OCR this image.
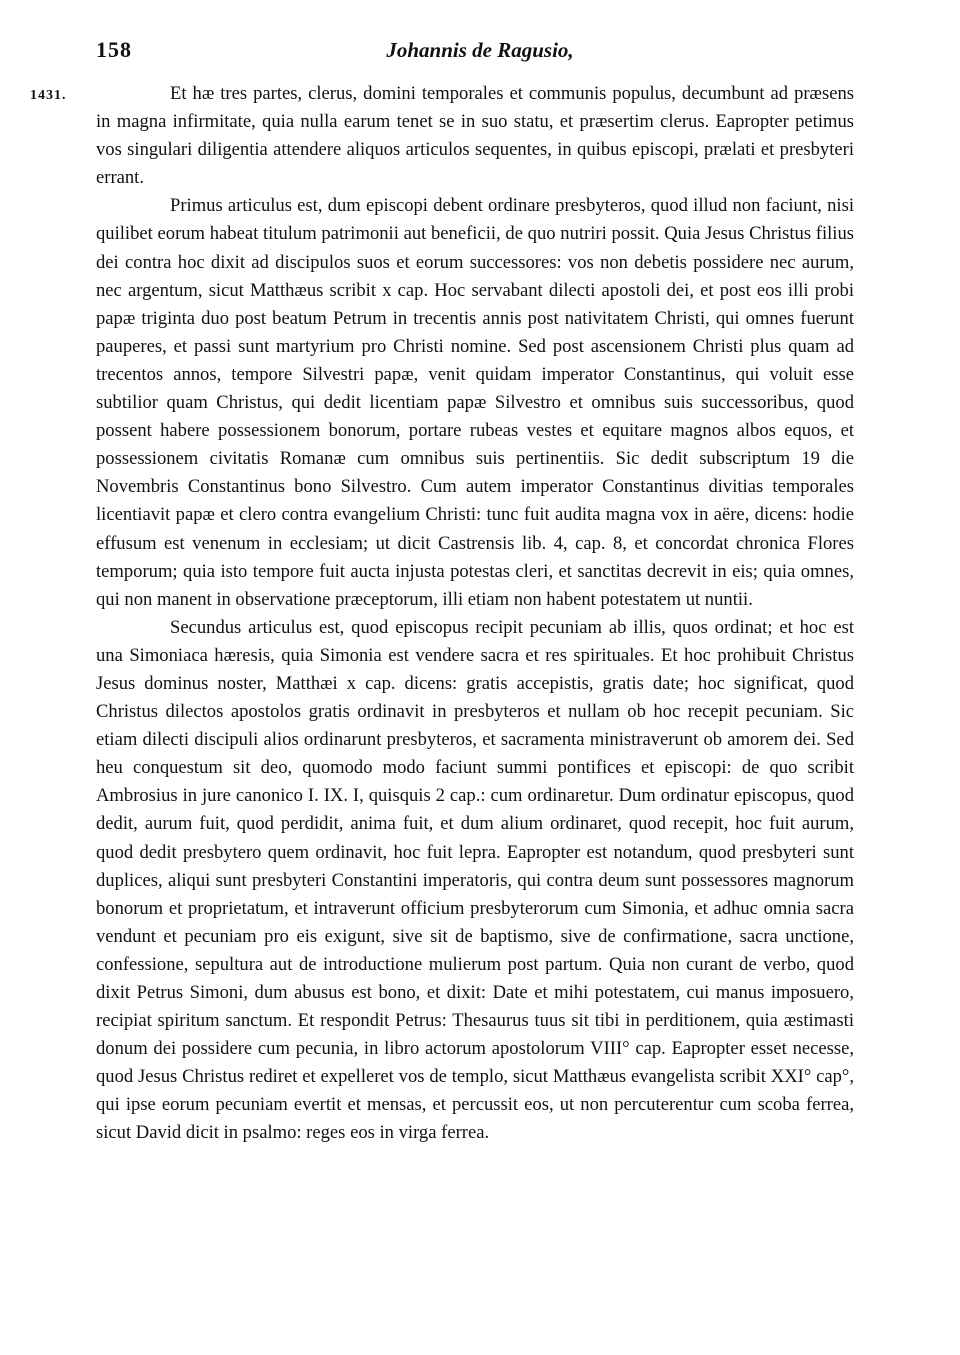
158	Johannis de Ragusio,
1431.	Et hæ tres partes, clerus, domini temporales et communis populus, decumbunt ad præsens in magna infirmitate, quia nulla earum tenet se in suo statu, et præsertim clerus. Eapropter petimus vos singulari diligentia attendere aliquos articulos sequentes, in quibus episcopi, prælati et presbyteri errant.

Primus articulus est, dum episcopi debent ordinare presbyteros, quod illud non faciunt, nisi quilibet eorum habeat titulum patrimonii aut beneficii, de quo nutriri possit. Quia Jesus Christus filius dei contra hoc dixit ad discipulos suos et eorum successores: vos non debetis possidere nec aurum, nec argentum, sicut Matthæus scribit x cap. Hoc servabant dilecti apostoli dei, et post eos illi probi papæ triginta duo post beatum Petrum in trecentis annis post nativitatem Christi, qui omnes fuerunt pauperes, et passi sunt martyrium pro Christi nomine. Sed post ascensionem Christi plus quam ad trecentos annos, tempore Silvestri papæ, venit quidam imperator Constantinus, qui voluit esse subtilior quam Christus, qui dedit licentiam papæ Silvestro et omnibus suis successoribus, quod possent habere possessionem bonorum, portare rubeas vestes et equitare magnos albos equos, et possessionem civitatis Romanæ cum omnibus suis pertinentiis. Sic dedit subscriptum 19 die Novembris Constantinus bono Silvestro. Cum autem imperator Constantinus divitias temporales licentiavit papæ et clero contra evangelium Christi: tunc fuit audita magna vox in aëre, dicens: hodie effusum est venenum in ecclesiam; ut dicit Castrensis lib. 4, cap. 8, et concordat chronica Flores temporum; quia isto tempore fuit aucta injusta potestas cleri, et sanctitas decrevit in eis; quia omnes, qui non manent in observatione præceptorum, illi etiam non habent potestatem ut nuntii.

Secundus articulus est, quod episcopus recipit pecuniam ab illis, quos ordinat; et hoc est una Simoniaca hæresis, quia Simonia est vendere sacra et res spirituales. Et hoc prohibuit Christus Jesus dominus noster, Matthæi x cap. dicens: gratis accepistis, gratis date; hoc significat, quod Christus dilectos apostolos gratis ordinavit in presbyteros et nullam ob hoc recepit pecuniam. Sic etiam dilecti discipuli alios ordinarunt presbyteros, et sacramenta ministraverunt ob amorem dei. Sed heu conquestum sit deo, quomodo modo faciunt summi pontifices et episcopi: de quo scribit Ambrosius in jure canonico I. IX. I, quisquis 2 cap.: cum ordinaretur. Dum ordinatur episcopus, quod dedit, aurum fuit, quod perdidit, anima fuit, et dum alium ordinaret, quod recepit, hoc fuit aurum, quod dedit presbytero quem ordinavit, hoc fuit lepra. Eapropter est notandum, quod presbyteri sunt duplices, aliqui sunt presbyteri Constantini imperatoris, qui contra deum sunt possessores magnorum bonorum et proprietatum, et intraverunt officium presbyterorum cum Simonia, et adhuc omnia sacra vendunt et pecuniam pro eis exigunt, sive sit de baptismo, sive de confirmatione, sacra unctione, confessione, sepultura aut de introductione mulierum post partum. Quia non curant de verbo, quod dixit Petrus Simoni, dum abusus est bono, et dixit: Date et mihi potestatem, cui manus imposuero, recipiat spiritum sanctum. Et respondit Petrus: Thesaurus tuus sit tibi in perditionem, quia æstimasti donum dei possidere cum pecunia, in libro actorum apostolorum VIII° cap. Eapropter esset necesse, quod Jesus Christus rediret et expelleret vos de templo, sicut Matthæus evangelista scribit XXI° cap°, qui ipse eorum pecuniam evertit et mensas, et percussit eos, ut non percuterentur cum scoba ferrea, sicut David dicit in psalmo: reges eos in virga ferrea.
